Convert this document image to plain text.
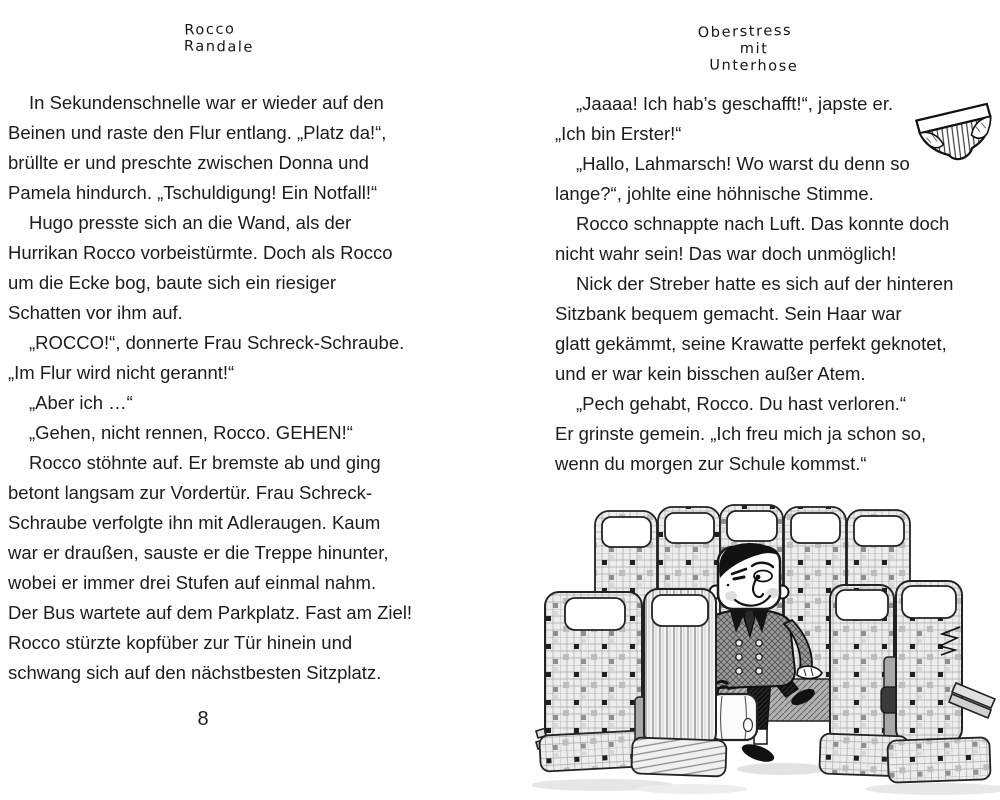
Rocco
Randale
In Sekundenschnelle war er wieder auf den
Beinen und raste den Flur entlang. „Platz da!“,
brüllte er und preschte zwischen Donna und
Pamela hindurch. „Tschuldigung! Ein Notfall!“
Hugo presste sich an die Wand, als der
Hurrikan Rocco vorbeistürmte. Doch als Rocco
um die Ecke bog, baute sich ein riesiger
Schatten vor ihm auf.
„ROCCO!“, donnerte Frau Schreck-Schraube.
„Im Flur wird nicht gerannt!“
„Aber ich …“
„Gehen, nicht rennen, Rocco. GEHEN!“
Rocco stöhnte auf. Er bremste ab und ging
betont langsam zur Vordertür. Frau Schreck-
Schraube verfolgte ihn mit Adleraugen. Kaum
war er draußen, sauste er die Treppe hinunter,
wobei er immer drei Stufen auf einmal nahm.
Der Bus wartete auf dem Parkplatz. Fast am Ziel!
Rocco stürzte kopfüber zur Tür hinein und
schwang sich auf den nächstbesten Sitzplatz.
8
Oberstress
mit Unterhose
„Jaaaa! Ich hab’s geschafft!“, japste er.
„Ich bin Erster!“
„Hallo, Lahmarsch! Wo warst du denn so
lange?“, johlte eine höhnische Stimme.
Rocco schnappte nach Luft. Das konnte doch
nicht wahr sein! Das war doch unmöglich!
Nick der Streber hatte es sich auf der hinteren
Sitzbank bequem gemacht. Sein Haar war
glatt gekämmt, seine Krawatte perfekt geknotet,
und er war kein bisschen außer Atem.
„Pech gehabt, Rocco. Du hast verloren.“
Er grinste gemein. „Ich freu mich ja schon so,
wenn du morgen zur Schule kommst.“
